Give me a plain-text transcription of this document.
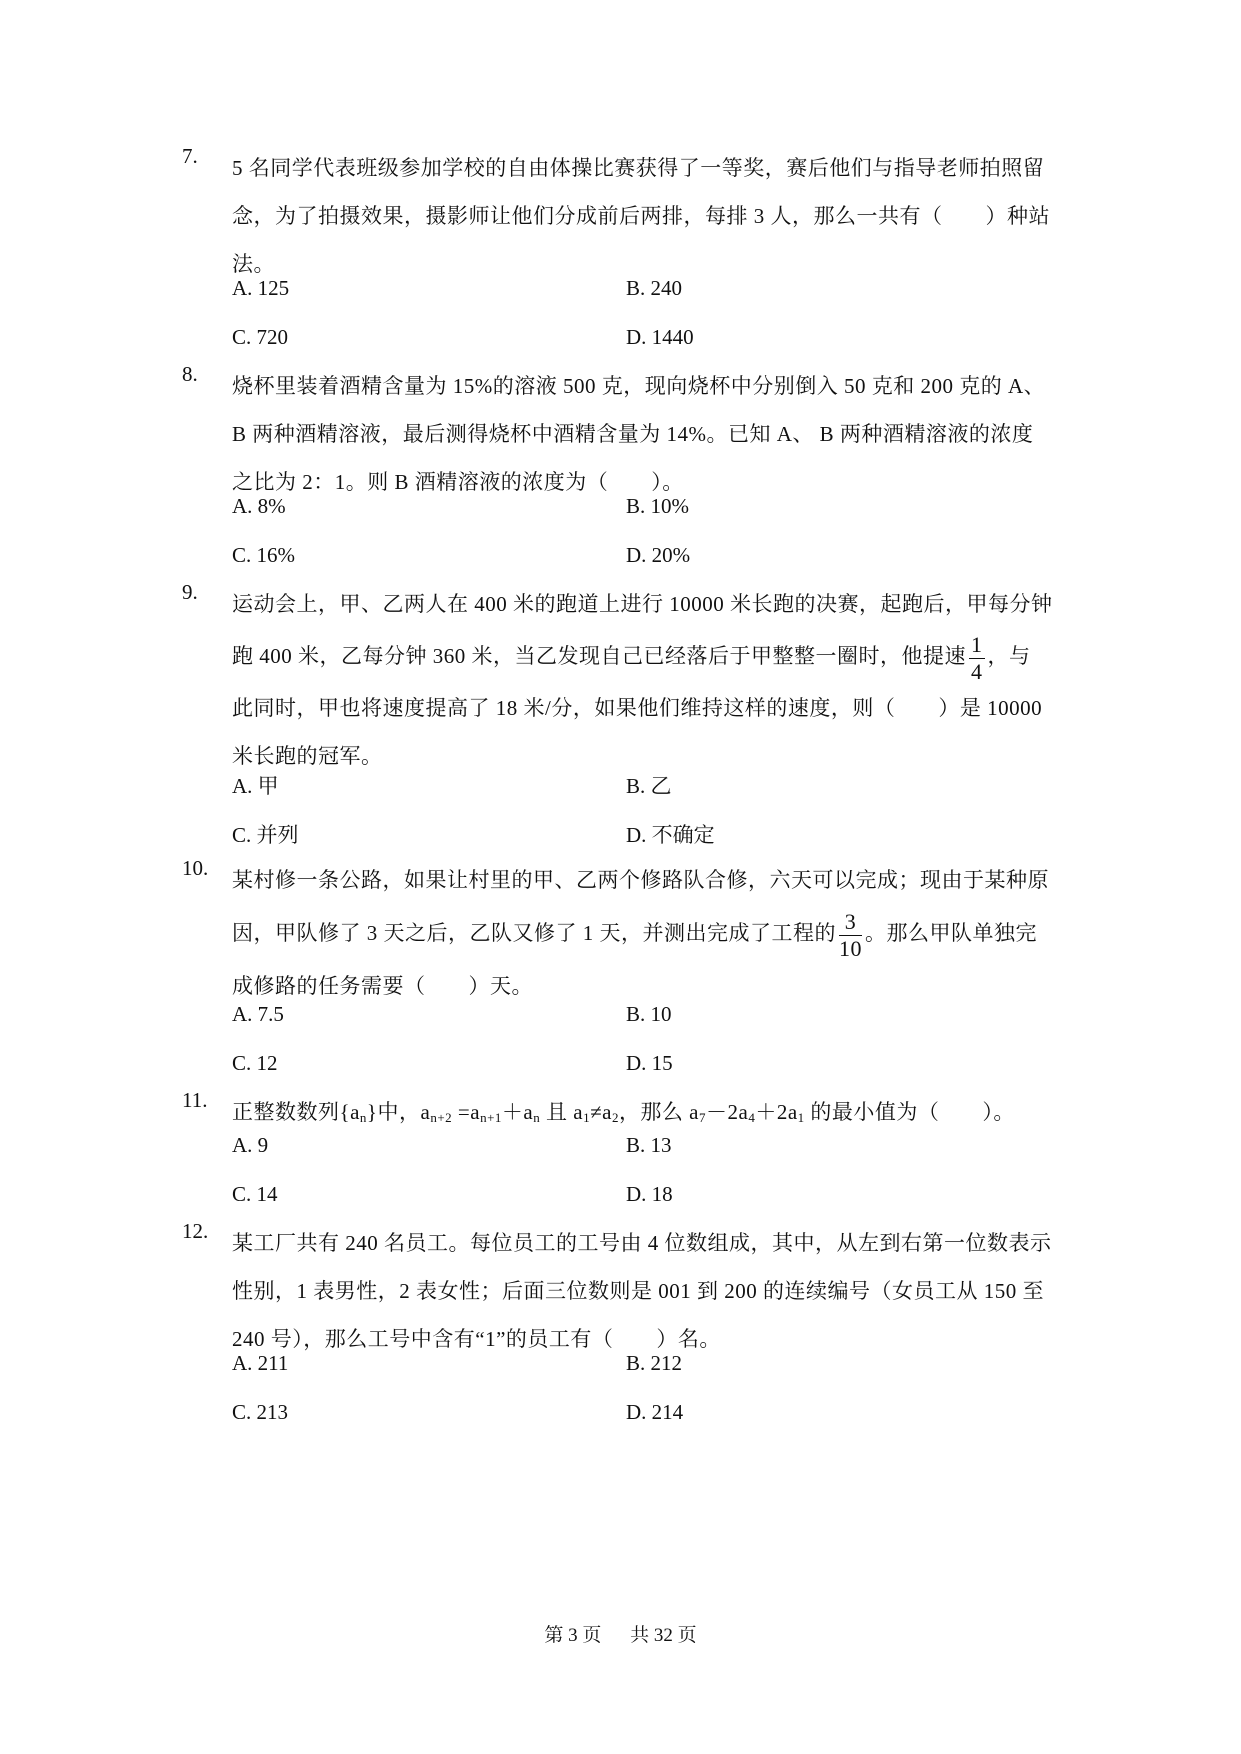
7.	5 名同学代表班级参加学校的自由体操比赛获得了一等奖，赛后他们与指导老师拍照留
念，为了拍摄效果，摄影师让他们分成前后两排，每排 3 人，那么一共有（　　）种站
法。
A. 125	B. 240
C. 720	D. 1440
8.	烧杯里装着酒精含量为 15%的溶液 500 克，现向烧杯中分别倒入 50 克和 200 克的 A、
B 两种酒精溶液，最后测得烧杯中酒精含量为 14%。已知 A、 B 两种酒精溶液的浓度
之比为 2：1。则 B 酒精溶液的浓度为（　　）。
A. 8%	B. 10%
C. 16%	D. 20%
9.	运动会上，甲、乙两人在 400 米的跑道上进行 10000 米长跑的决赛，起跑后，甲每分钟
跑 400 米，乙每分钟 360 米，当乙发现自己已经落后于甲整整一圈时，他提速 $\frac{1}{4}$ ，与
此同时，甲也将速度提高了 18 米/分，如果他们维持这样的速度，则（　　）是 10000
米长跑的冠军。
A. 甲	B. 乙
C. 并列	D. 不确定
10.	某村修一条公路，如果让村里的甲、乙两个修路队合修，六天可以完成；现由于某种原
因，甲队修了 3 天之后，乙队又修了 1 天，并测出完成了工程的 $\frac{3}{10}$ 。那么甲队单独完
成修路的任务需要（　　）天。
A. 7.5	B. 10
C. 12	D. 15
11.	正整数数列$\{a_n\}$中，$a_{n+2} =a_{n+1}+a_n$ 且 $a_1\ne a_2$，那么 $a_7-2a_4+2a_1$ 的最小值为（　　）。
A. 9	B. 13
C. 14	D. 18
12.	某工厂共有 240 名员工。每位员工的工号由 4 位数组成，其中，从左到右第一位数表示
性别，1 表男性，2 表女性；后面三位数则是 001 到 200 的连续编号（女员工从 150 至
240 号），那么工号中含有“1”的员工有（　　）名。
A. 211	B. 212
C. 213	D. 214
第 3 页 共 32 页
